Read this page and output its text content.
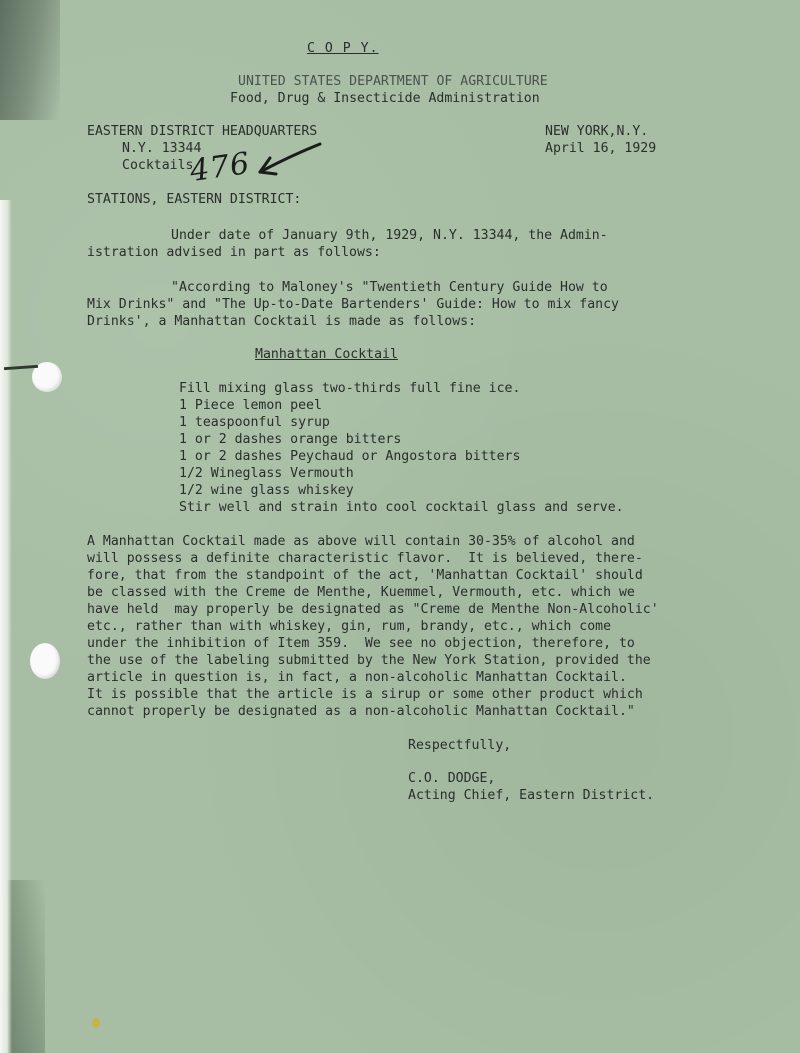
C O P Y.

UNITED STATES DEPARTMENT OF AGRICULTURE

Food, Drug & Insecticide Administration

EASTERN DISTRICT HEADQUARTERS

N.Y. 13344

Cocktails

NEW YORK,N.Y.

April 16, 1929

476

STATIONS, EASTERN DISTRICT:

Under date of January 9th, 1929, N.Y. 13344, the Admin-

istration advised in part as follows:

"According to Maloney's "Twentieth Century Guide How to

Mix Drinks" and "The Up-to-Date Bartenders' Guide: How to mix fancy

Drinks', a Manhattan Cocktail is made as follows:

Manhattan Cocktail

Fill mixing glass two-thirds full fine ice.

1 Piece lemon peel

1 teaspoonful syrup

1 or 2 dashes orange bitters

1 or 2 dashes Peychaud or Angostora bitters

1/2 Wineglass Vermouth

1/2 wine glass whiskey

Stir well and strain into cool cocktail glass and serve.

A Manhattan Cocktail made as above will contain 30-35% of alcohol and

will possess a definite characteristic flavor.  It is believed, there-

fore, that from the standpoint of the act, 'Manhattan Cocktail' should

be classed with the Creme de Menthe, Kuemmel, Vermouth, etc. which we

have held  may properly be designated as "Creme de Menthe Non-Alcoholic'

etc., rather than with whiskey, gin, rum, brandy, etc., which come

under the inhibition of Item 359.  We see no objection, therefore, to

the use of the labeling submitted by the New York Station, provided the

article in question is, in fact, a non-alcoholic Manhattan Cocktail.

It is possible that the article is a sirup or some other product which

cannot properly be designated as a non-alcoholic Manhattan Cocktail."

Respectfully,

C.O. DODGE,

Acting Chief, Eastern District.
